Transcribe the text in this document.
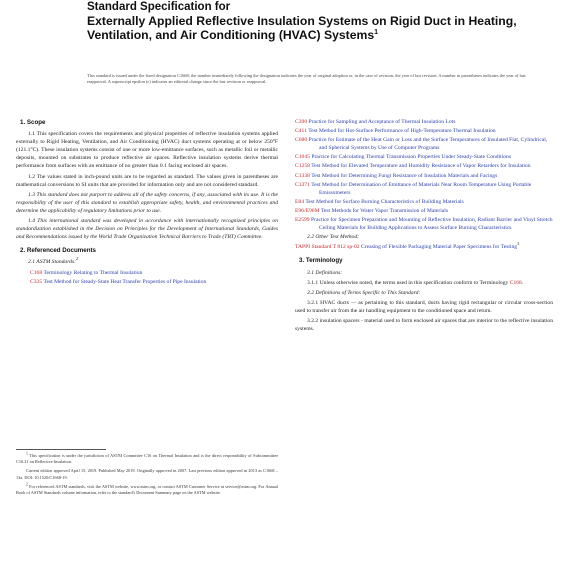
Standard Specification for
Externally Applied Reflective Insulation Systems on Rigid Duct in Heating, Ventilation, and Air Conditioning (HVAC) Systems$^1$
This standard is issued under the fixed designation C1668; the number immediately following the designation indicates the year of original adoption or, in the case of revision, the year of last revision. A number in parentheses indicates the year of last reapproval. A superscript epsilon (ε) indicates an editorial change since the last revision or reapproval.
1. Scope

1.1 This specification covers the requirements and physical properties of reflective insulation systems applied externally to Rigid Heating, Ventilation, and Air Conditioning (HVAC) duct systems operating at or below 250°F (121.1°C). These insulation systems consist of one or more low-emittance surfaces, such as metallic foil or metallic deposits, mounted on substrates to produce reflective air spaces. Reflective insulation systems derive thermal performance from surfaces with an emittance of no greater than 0.1 facing enclosed air spaces.

1.2 The values stated in inch-pound units are to be regarded as standard. The values given in parentheses are mathematical conversions to SI units that are provided for information only and are not considered standard.

1.3 This standard does not purport to address all of the safety concerns, if any, associated with its use. It is the responsibility of the user of this standard to establish appropriate safety, health, and environmental practices and determine the applicability of regulatory limitations prior to use.

1.4 This international standard was developed in accordance with internationally recognized principles on standardization established in the Decision on Principles for the Development of International Standards, Guides and Recommendations issued by the World Trade Organization Technical Barriers to Trade (TBT) Committee.

2. Referenced Documents

2.1 ASTM Standards:$^2$

C168 Terminology Relating to Thermal Insulation

C335 Test Method for Steady-State Heat Transfer Properties of Pipe Insulation

C390 Practice for Sampling and Acceptance of Thermal Insulation Lots

C411 Test Method for Hot-Surface Performance of High-Temperature Thermal Insulation

C680 Practice for Estimate of the Heat Gain or Loss and the Surface Temperatures of Insulated Flat, Cylindrical, and Spherical Systems by Use of Computer Programs

C1045 Practice for Calculating Thermal Transmission Properties Under Steady-State Conditions

C1258 Test Method for Elevated Temperature and Humidity Resistance of Vapor Retarders for Insulation

C1338 Test Method for Determining Fungi Resistance of Insulation Materials and Facings

C1371 Test Method for Determination of Emittance of Materials Near Room Temperature Using Portable Emissometers

E84 Test Method for Surface Burning Characteristics of Building Materials

E96/E96M Test Methods for Water Vapor Transmission of Materials

E2599 Practice for Specimen Preparation and Mounting of Reflective Insulation, Radiant Barrier and Vinyl Stretch Ceiling Materials for Building Applications to Assess Surface Burning Characteristics

2.2 Other Test Method:

TAPPI Standard T 812 sp-02 Creasing of Flexible Packaging Material Paper Specimens for Testing$^3$

3. Terminology

3.1 Definitions:

3.1.1 Unless otherwise noted, the terms used in this specification conform to Terminology C168.

3.2 Definitions of Terms Specific to This Standard:

3.2.1 HVAC ducts — as pertaining to this standard, ducts having rigid rectangular or circular cross-section used to transfer air from the air handling equipment to the conditioned space and return.

3.2.2 insulation spacers - material used to form enclosed air spaces that are interior to the reflective insulation systems.

1 This specification is under the jurisdiction of ASTM Committee C16 on Thermal Insulation and is the direct responsibility of Subcommittee C16.21 on Reflective Insulation.

Current edition approved April 15, 2019. Published May 2019. Originally approved in 2007. Last previous edition approved in 2013 as C1668 – 13a. DOI: 10.1520/C1668-19.

2 For referenced ASTM standards, visit the ASTM website, www.astm.org, or contact ASTM Customer Service at service@astm.org. For Annual Book of ASTM Standards volume information, refer to the standard's Document Summary page on the ASTM website.
